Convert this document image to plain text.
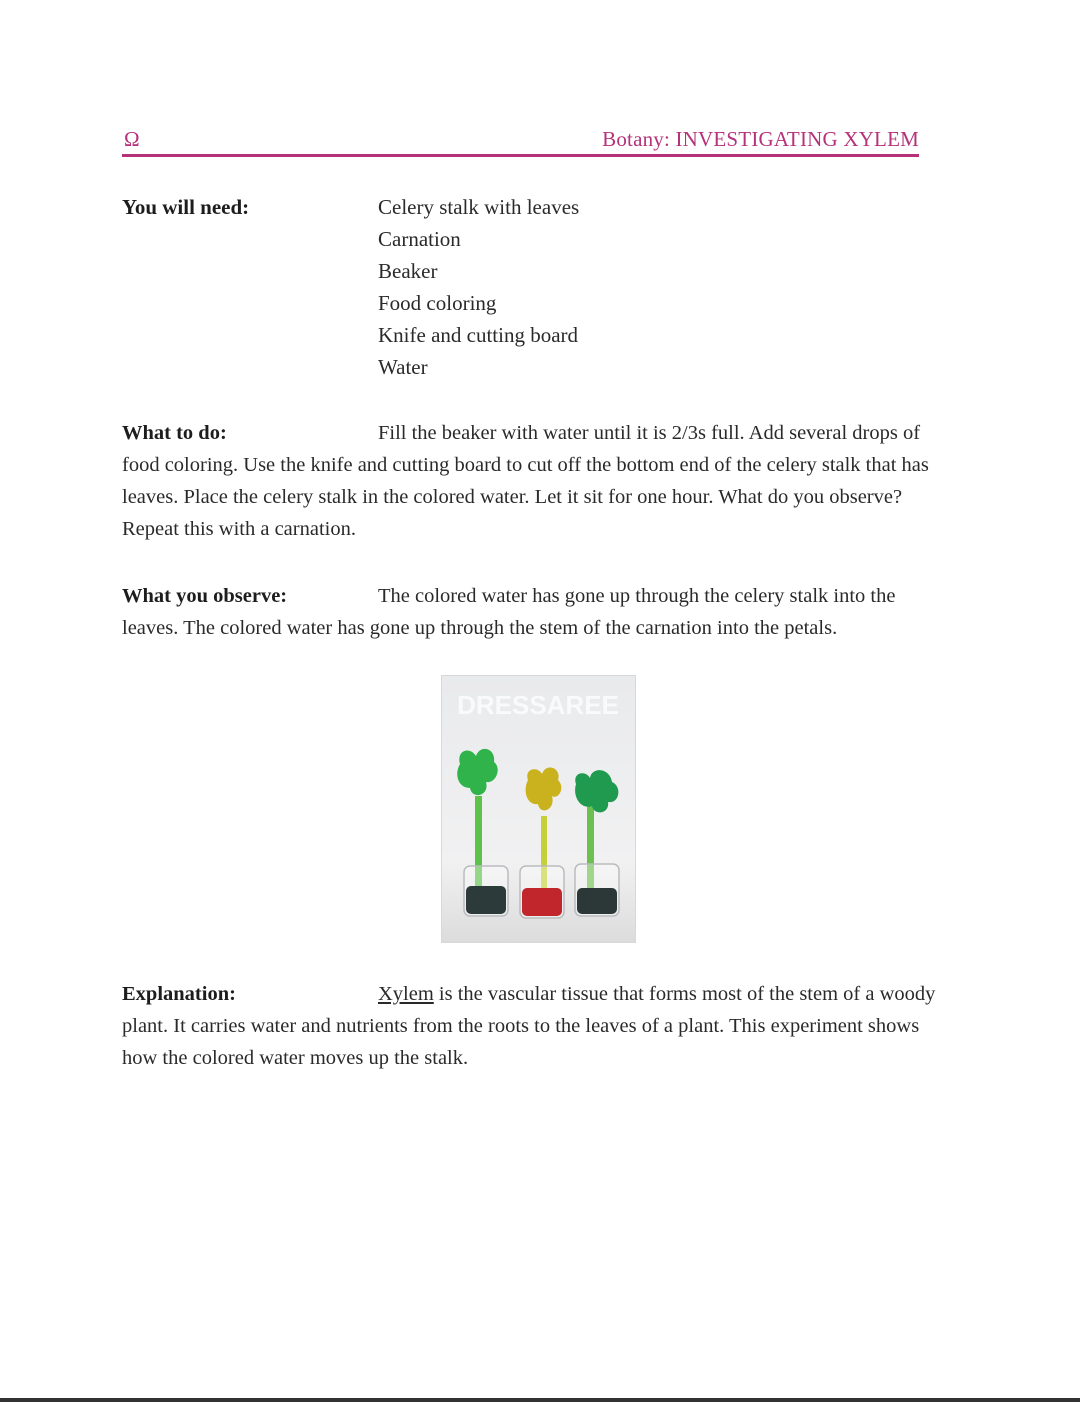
Ω	Botany: INVESTIGATING XYLEM
You will need:	Celery stalk with leaves
Carnation
Beaker
Food coloring
Knife and cutting board
Water

What to do:	Fill the beaker with water until it is 2/3s full. Add several drops of food coloring. Use the knife and cutting board to cut off the bottom end of the celery stalk that has leaves. Place the celery stalk in the colored water. Let it sit for one hour. What do you observe? Repeat this with a carnation.

What you observe:	The colored water has gone up through the celery stalk into the leaves. The colored water has gone up through the stem of the carnation into the petals.

DRESSAREE

Explanation:	Xylem is the vascular tissue that forms most of the stem of a woody plant. It carries water and nutrients from the roots to the leaves of a plant. This experiment shows how the colored water moves up the stalk.
